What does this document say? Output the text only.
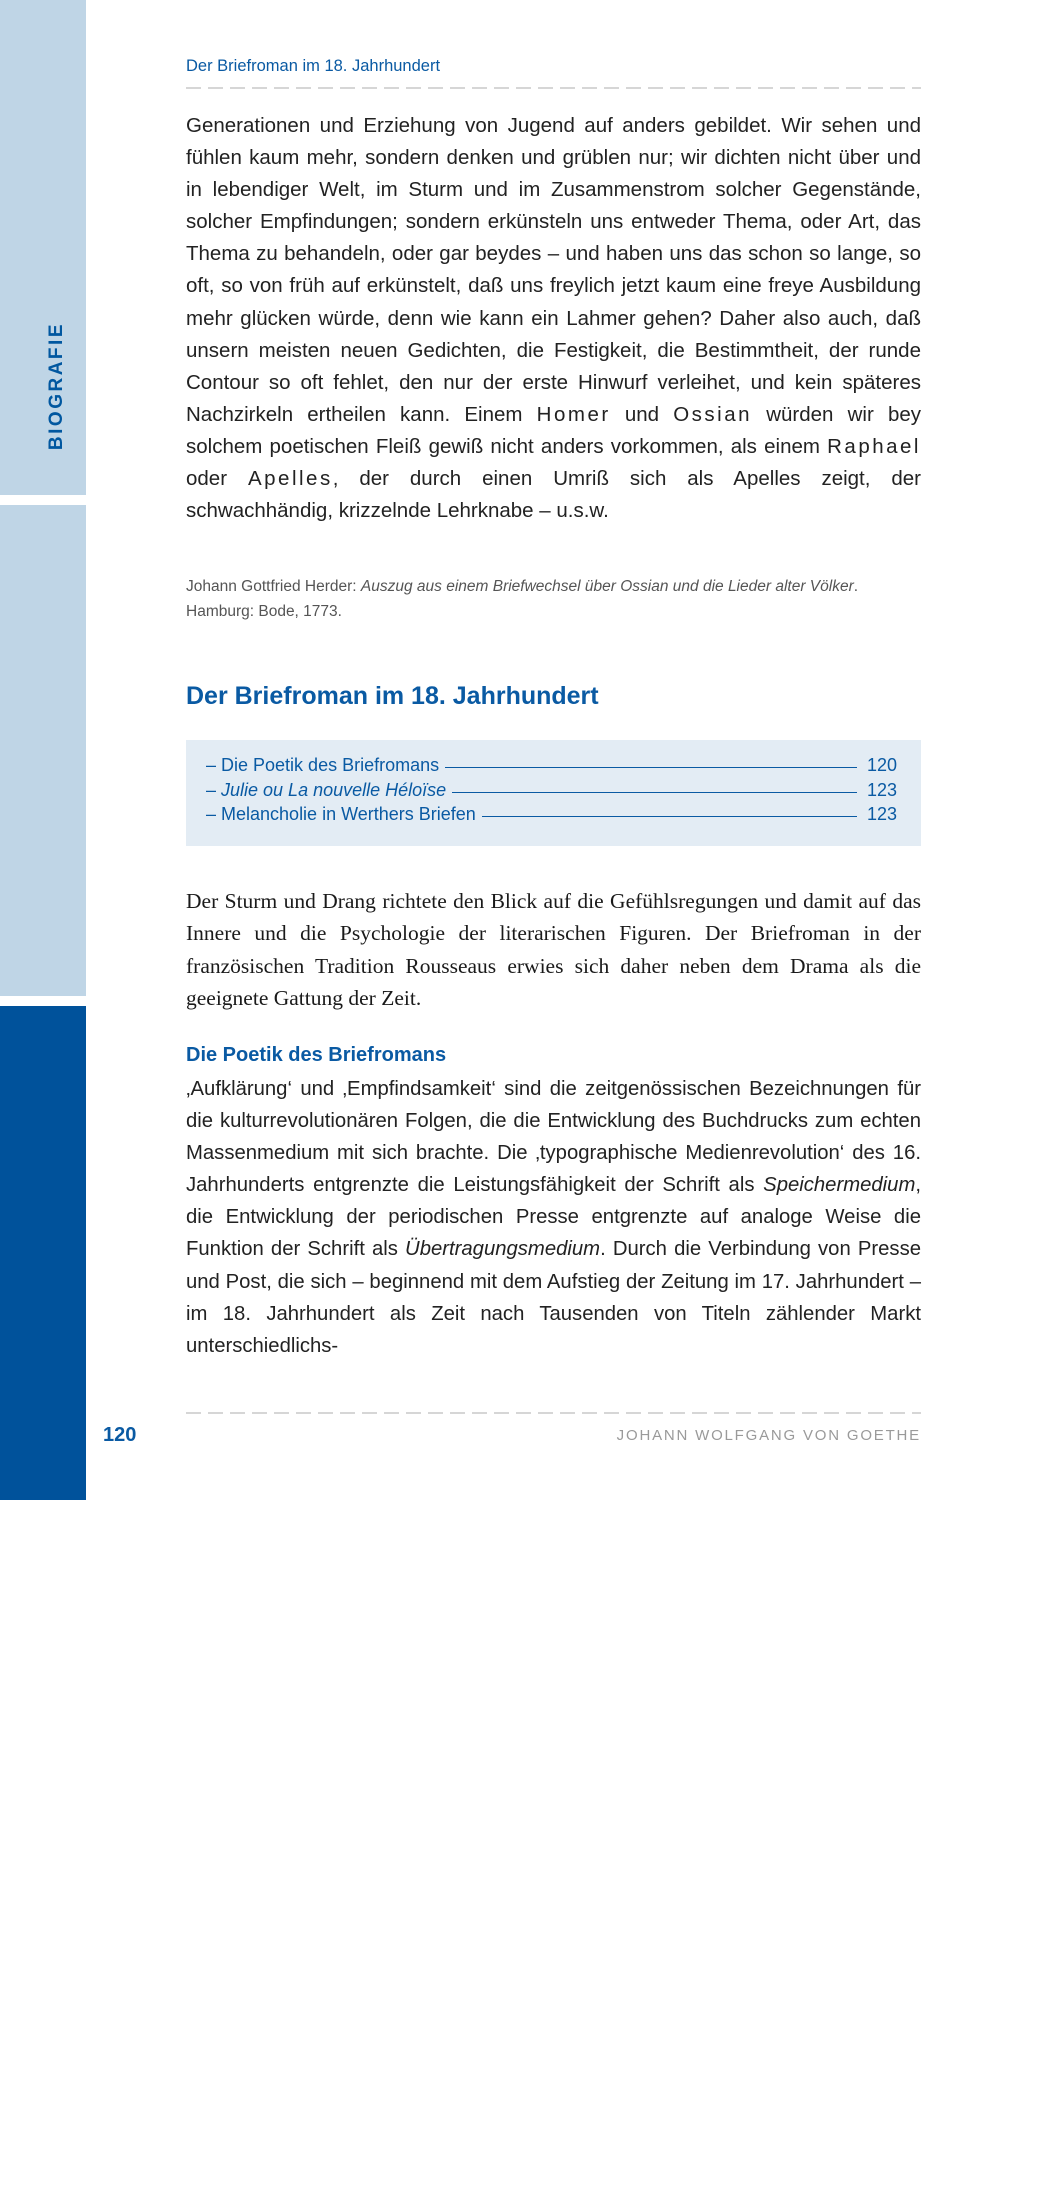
BIOGRAFIE
MATERIALIEN
Der Briefroman im 18. Jahrhundert
Generationen und Erziehung von Jugend auf anders gebildet. Wir sehen und fühlen kaum mehr, sondern denken und grüblen nur; wir dichten nicht über und in lebendiger Welt, im Sturm und im Zusammenstrom solcher Gegenstände, solcher Empfindungen; sondern erkünsteln uns entweder Thema, oder Art, das Thema zu behandeln, oder gar beydes – und haben uns das schon so lange, so oft, so von früh auf erkünstelt, daß uns freylich jetzt kaum eine freye Ausbildung mehr glücken würde, denn wie kann ein Lahmer gehen? Daher also auch, daß unsern meisten neuen Gedichten, die Festigkeit, die Bestimmtheit, der runde Contour so oft fehlet, den nur der erste Hinwurf verleihet, und kein späteres Nachzirkeln ertheilen kann. Einem Homer und Ossian würden wir bey solchem poetischen Fleiß gewiß nicht anders vorkommen, als einem Raphael oder Apelles, der durch einen Umriß sich als Apelles zeigt, der schwachhändig, krizzelnde Lehrknabe – u.s.w.
Johann Gottfried Herder: Auszug aus einem Briefwechsel über Ossian und die Lieder alter Völker.
Hamburg: Bode, 1773.
Der Briefroman im 18. Jahrhundert
– Die Poetik des Briefromans	120
– Julie ou La nouvelle Héloïse	123
– Melancholie in Werthers Briefen	123
Der Sturm und Drang richtete den Blick auf die Gefühlsregungen und damit auf das Innere und die Psychologie der literarischen Figuren. Der Briefroman in der französischen Tradition Rousseaus erwies sich daher neben dem Drama als die geeignete Gattung der Zeit.
Die Poetik des Briefromans
‚Aufklärung‘ und ‚Empfindsamkeit‘ sind die zeitgenössischen Bezeichnungen für die kulturrevolutionären Folgen, die die Entwicklung des Buchdrucks zum echten Massenmedium mit sich brachte. Die ‚typographische Medienrevolution‘ des 16. Jahrhunderts entgrenzte die Leistungsfähigkeit der Schrift als Speichermedium, die Entwicklung der periodischen Presse entgrenzte auf analoge Weise die Funktion der Schrift als Übertragungsmedium. Durch die Verbindung von Presse und Post, die sich – beginnend mit dem Aufstieg der Zeitung im 17. Jahrhundert – im 18. Jahrhundert als Zeit nach Tausenden von Titeln zählender Markt unterschiedlichs-
120	JOHANN WOLFGANG VON GOETHE
